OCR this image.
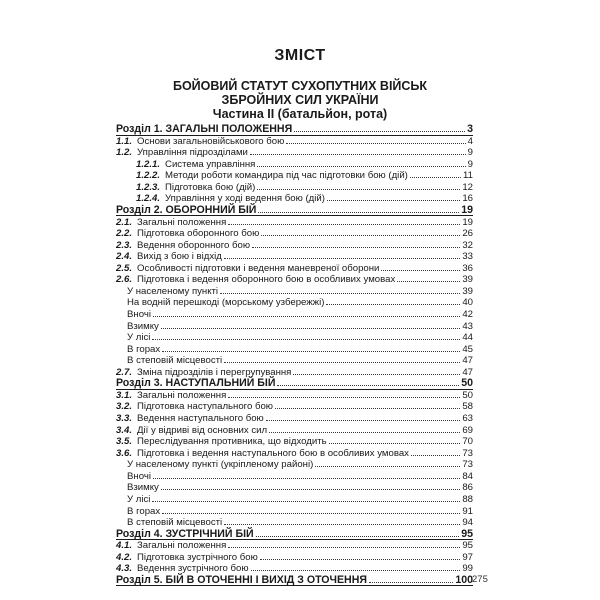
ЗМІСТ
БОЙОВИЙ СТАТУТ СУХОПУТНИХ ВІЙСЬК
ЗБРОЙНИХ СИЛ УКРАЇНИ
Частина ІІ (батальйон, рота)
Розділ 1. ЗАГАЛЬНІ ПОЛОЖЕННЯ	3
1.1. Основи загальновійськового бою	4
1.2. Управління підрозділами	9
1.2.1. Система управління	9
1.2.2. Методи роботи командира під час підготовки бою (дій)	11
1.2.3. Підготовка бою (дій)	12
1.2.4. Управління у ході ведення бою (дій)	16
Розділ 2. ОБОРОННИЙ БІЙ	19
2.1. Загальні положення	19
2.2. Підготовка оборонного бою	26
2.3. Ведення оборонного бою	32
2.4. Вихід з бою і відхід	33
2.5. Особливості підготовки і ведення маневреної оборони	36
2.6. Підготовка і ведення оборонного бою в особливих умовах	39
У населеному пункті	39
На водній перешкоді (морському узбережжі)	40
Вночі	42
Взимку	43
У лісі	44
В горах	45
В степовій місцевості	47
2.7. Зміна підрозділів і перегрупування	47
Розділ 3. НАСТУПАЛЬНИЙ БІЙ	50
3.1. Загальні положення	50
3.2. Підготовка наступального бою	58
3.3. Ведення наступального бою	63
3.4. Дії у відриві від основних сил	69
3.5. Переслідування противника, що відходить	70
3.6. Підготовка і ведення наступального бою в особливих умовах	73
У населеному пункті (укріпленому районі)	73
Вночі	84
Взимку	86
У лісі	88
В горах	91
В степовій місцевості	94
Розділ 4. ЗУСТРІЧНИЙ БІЙ	95
4.1. Загальні положення	95
4.2. Підготовка зустрічного бою	97
4.3. Ведення зустрічного бою	99
Розділ 5. БІЙ В ОТОЧЕННІ І ВИХІД З ОТОЧЕННЯ	100 275
